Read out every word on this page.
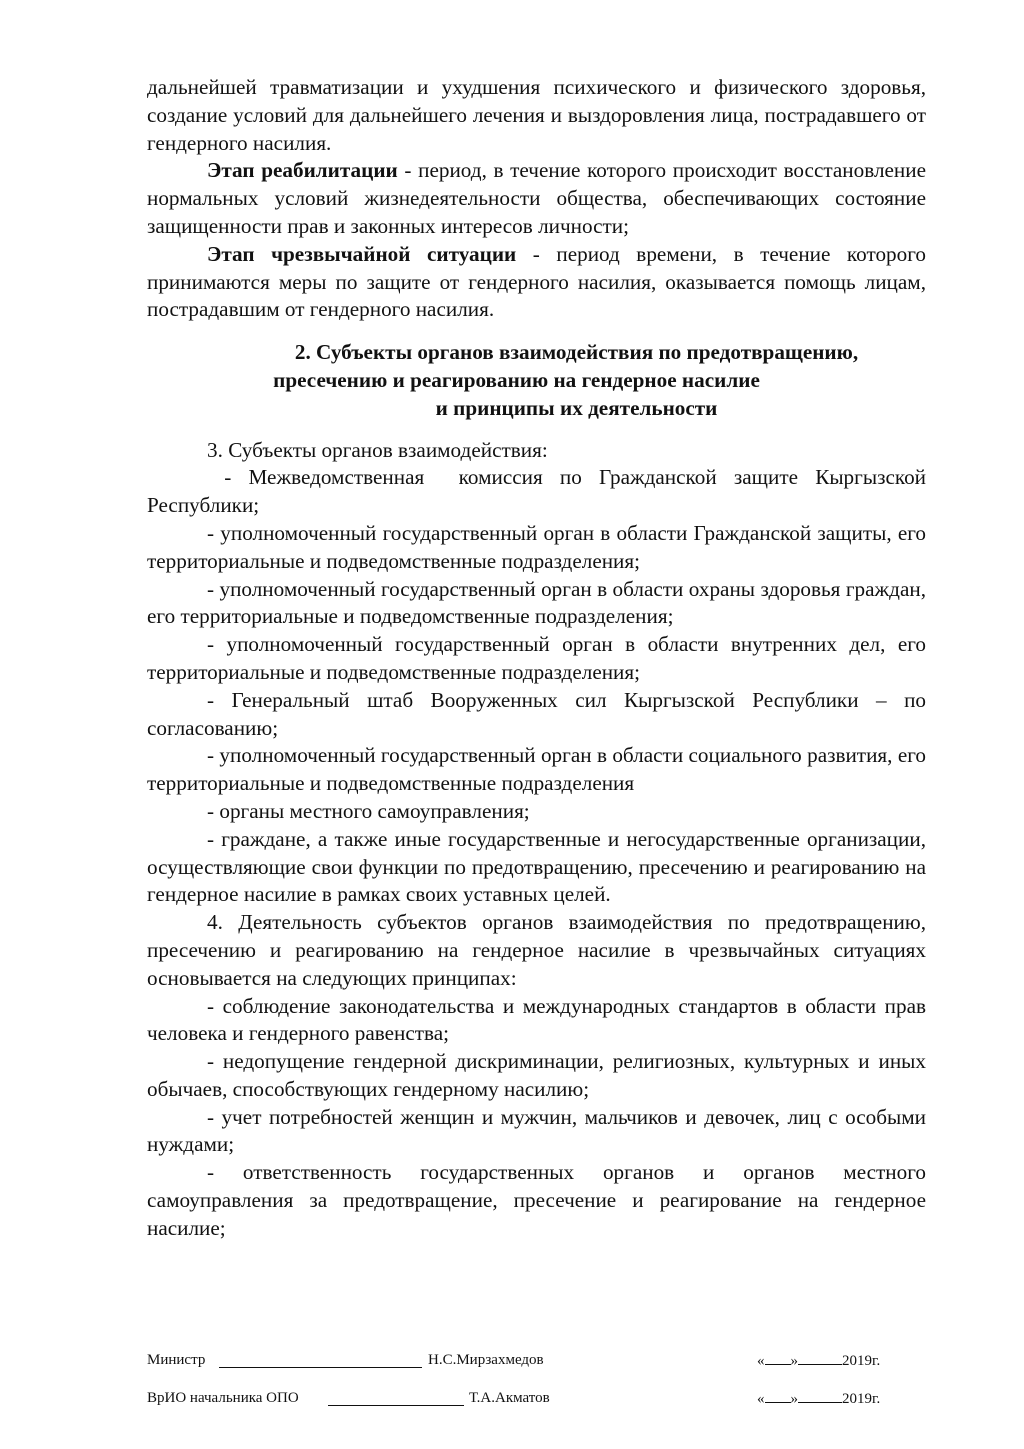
дальнейшей травматизации и ухудшения психического и физического здоровья, создание условий для дальнейшего лечения и выздоровления лица, пострадавшего от гендерного насилия.

Этап реабилитации - период, в течение которого происходит восстановление нормальных условий жизнедеятельности общества, обеспечивающих состояние защищенности прав и законных интересов личности;

Этап чрезвычайной ситуации - период времени, в течение которого принимаются меры по защите от гендерного насилия, оказывается помощь лицам, пострадавшим от гендерного насилия.

2. Субъекты органов взаимодействия по предотвращению,
пресечению и реагированию на гендерное насилие
и принципы их деятельности

3. Субъекты органов взаимодействия:

- Межведомственная  комиссия по Гражданской защите Кыргызской Республики;

- уполномоченный государственный орган в области Гражданской защиты, его территориальные и подведомственные подразделения;

- уполномоченный государственный орган в области охраны здоровья граждан, его территориальные и подведомственные подразделения;

- уполномоченный государственный орган в области внутренних дел, его территориальные и подведомственные подразделения;

- Генеральный штаб Вооруженных сил Кыргызской Республики – по согласованию;

- уполномоченный государственный орган в области социального развития, его территориальные и подведомственные подразделения

- органы местного самоуправления;

- граждане, а также иные государственные и негосударственные организации, осуществляющие свои функции по предотвращению, пресечению и реагированию на гендерное насилие в рамках своих уставных целей.

4. Деятельность субъектов органов взаимодействия по предотвращению, пресечению и реагированию на гендерное насилие в чрезвычайных ситуациях основывается на следующих принципах:

- соблюдение законодательства и международных стандартов в области прав человека и гендерного равенства;

- недопущение гендерной дискриминации, религиозных, культурных и иных обычаев, способствующих гендерному насилию;

- учет потребностей женщин и мужчин, мальчиков и девочек, лиц с особыми нуждами;

- ответственность государственных органов и органов местного самоуправления за предотвращение, пресечение и реагирование на гендерное насилие;

Министр	Н.С.Мирзахмедов	« »	2019г.
ВрИО начальника ОПО	Т.А.Акматов	« »	2019г.
